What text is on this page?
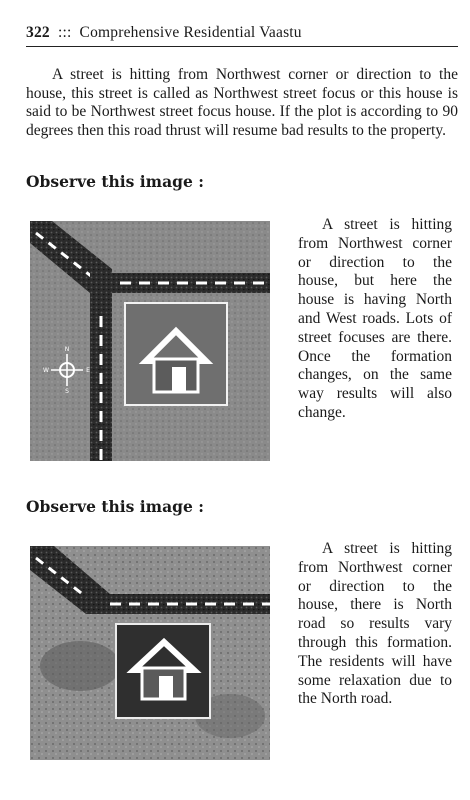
322 ::: Comprehensive Residential Vaastu

A street is hitting from Northwest corner or direction to the house, this street is called as Northwest street focus or this house is said to be Northwest street focus house. If the plot is according to 90 degrees then this road thrust will resume bad results to the property.

Observe this image :
N
S
W	E

A street is hitting from Northwest corner or direction to the house, but here the house is having North and West roads. Lots of street focuses are there. Once the formation changes, on the same way results will also change.

Observe this image :

A street is hitting from Northwest corner or direction to the house, there is North road so results vary through this formation. The residents will have some relaxation due to the North road.
